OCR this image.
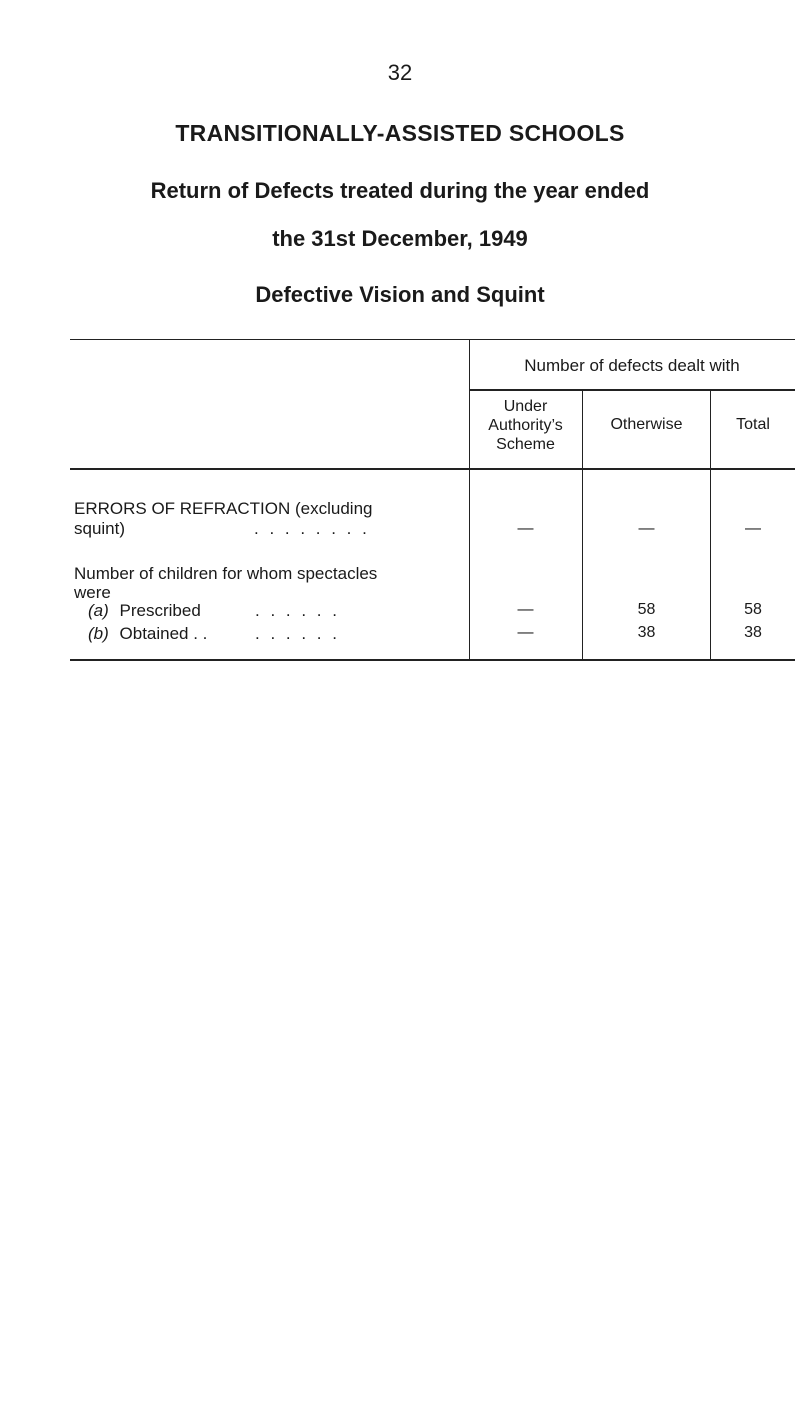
32
TRANSITIONALLY-ASSISTED SCHOOLS
Return of Defects treated during the year ended
the 31st December, 1949
Defective Vision and Squint
Number of defects dealt with
Under
Authority’s
Scheme
Otherwise	Total
ERRORS OF REFRACTION (excluding
squint)	. . . . . . . .	—	—	—
Number of children for whom spectacles
were
(a) Prescribed	. . . . . .	—	58	58
(b) Obtained . .	. . . . . .	—	38	38
